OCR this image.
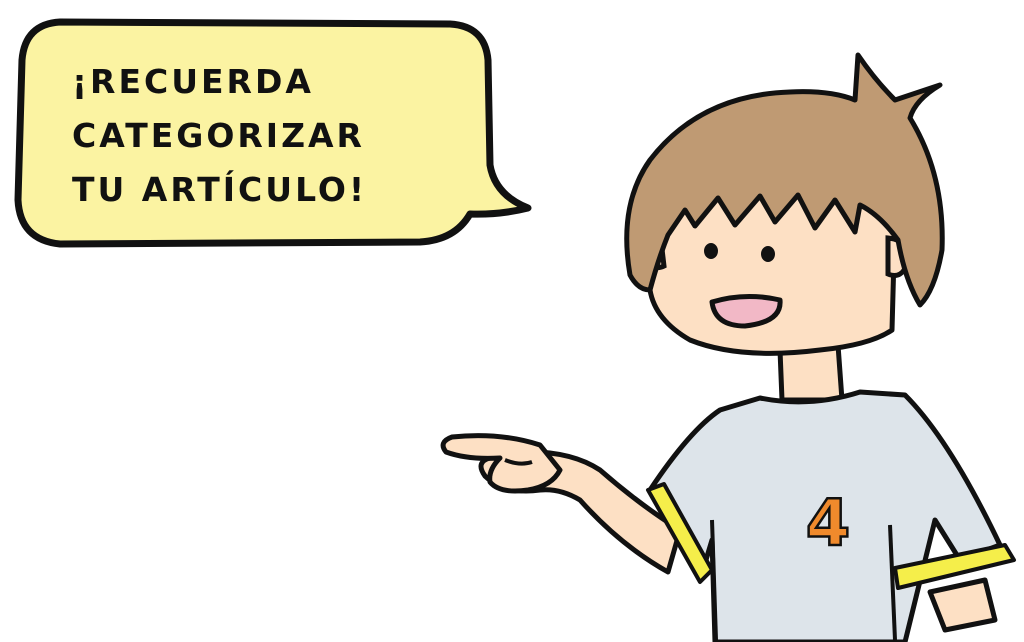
¡RECUERDA
CATEGORIZAR
TU ARTÍCULO!

4
